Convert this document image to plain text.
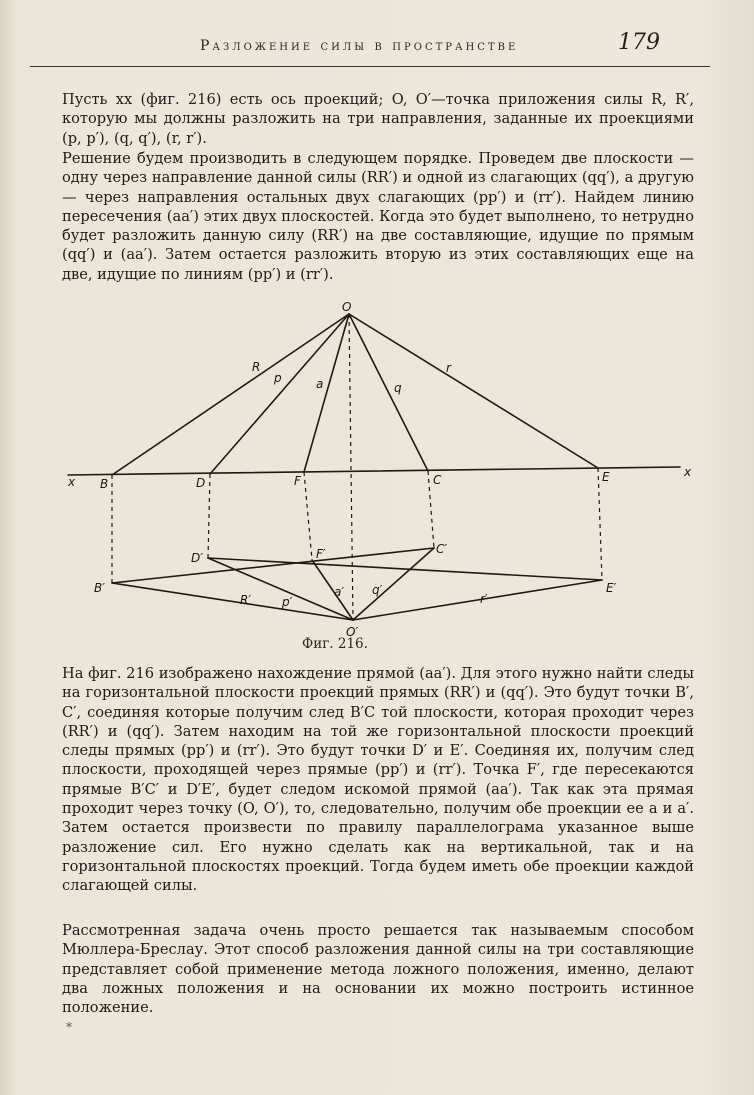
Разложение силы в пространстве	179

Пусть xx (фиг. 216) есть ось проекций; O, O′—точка приложения силы R, R′, которую мы должны разложить на три направления, заданные их проекциями (p, p′), (q, q′), (r, r′).

Решение будем производить в следующем порядке. Проведем две плоскости — одну через направление данной силы (RR′) и одной из слагающих (qq′), а другую — через направления остальных двух слагающих (pp′) и (rr′). Найдем линию пересечения (aa′) этих двух плоскостей. Когда это будет выполнено, то нетрудно будет разложить данную силу (RR′) на две составляющие, идущие по прямым (qq′) и (aa′). Затем остается разложить вторую из этих составляющих еще на две, идущие по линиям (pp′) и (rr′).

O
O′
R
p	a	q
r
x
x
B	D	F	C	E
D′	F′	C′
B′	E′
R′	p′
a′ q′
r′
Фиг. 216.

На фиг. 216 изображено нахождение прямой (aa′). Для этого нужно найти следы на горизонтальной плоскости проекций прямых (RR′) и (qq′). Это будут точки B′, C′, соединяя которые получим след B′C той плоскости, которая проходит через (RR′) и (qq′). Затем находим на той же горизонтальной плоскости проекций следы прямых (pp′) и (rr′). Это будут точки D′ и E′. Соединяя их, получим след плоскости, проходящей через прямые (pp′) и (rr′). Точка F′, где пересекаются прямые B′C′ и D′E′, будет следом искомой прямой (aa′). Так как эта прямая проходит через точку (O, O′), то, следовательно, получим обе проекции ее a и a′. Затем остается произвести по правилу параллелограма указанное выше разложение сил. Его нужно сделать как на вертикальной, так и на горизонтальной плоскостях проекций. Тогда будем иметь обе проекции каждой слагающей силы.

Рассмотренная задача очень просто решается так называемым способом Мюллера-Бреслау. Этот способ разложения данной силы на три составляющие представляет собой применение метода ложного положения, именно, делают два ложных положения и на основании их можно построить истинное положение.

*
